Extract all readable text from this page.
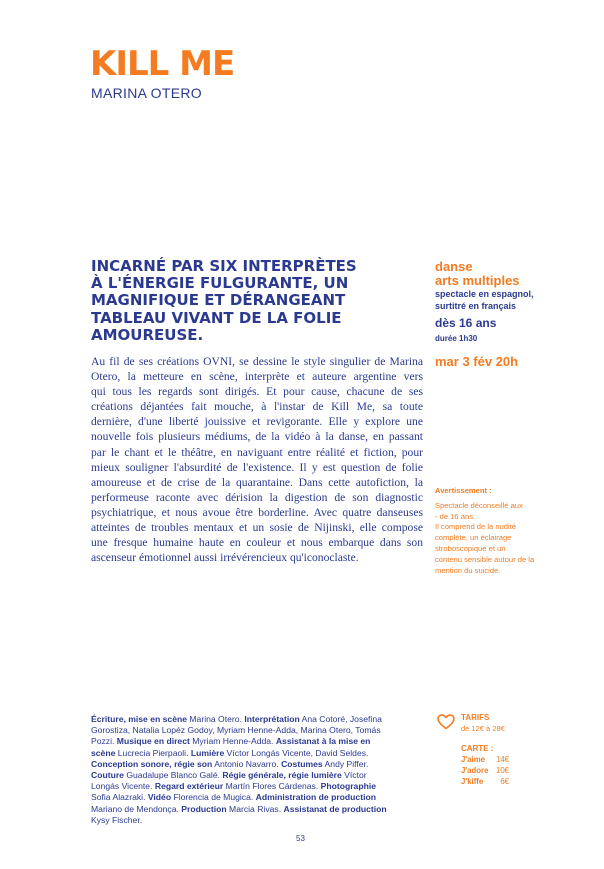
KILL ME
MARINA OTERO
INCARNÉ PAR SIX INTERPRÈTES
À L'ÉNERGIE FULGURANTE, UN
MAGNIFIQUE ET DÉRANGEANT
TABLEAU VIVANT DE LA FOLIE
AMOUREUSE.
Au fil de ses créations OVNI, se dessine le style singulier de Marina
Otero, la metteure en scène, interprète et auteure argentine vers
qui tous les regards sont dirigés. Et pour cause, chacune de ses
créations déjantées fait mouche, à l'instar de Kill Me, sa toute
dernière, d'une liberté jouissive et revigorante. Elle y explore une
nouvelle fois plusieurs médiums, de la vidéo à la danse, en passant
par le chant et le théâtre, en naviguant entre réalité et fiction, pour
mieux souligner l'absurdité de l'existence. Il y est question de folie
amoureuse et de crise de la quarantaine. Dans cette autofiction, la
performeuse raconte avec dérision la digestion de son diagnostic
psychiatrique, et nous avoue être borderline. Avec quatre danseuses
atteintes de troubles mentaux et un sosie de Nijinski, elle compose
une fresque humaine haute en couleur et nous embarque dans son
ascenseur émotionnel aussi irrévérencieux qu'iconoclaste.
danse
arts multiples
spectacle en espagnol,
surtitré en français
dès 16 ans
durée 1h30
mar 3 fév 20h
Avertissement :
Spectacle déconseillé aux
- de 16 ans.
Il comprend de la nudité
complète, un éclairage
stroboscopique et un
contenu sensible autour de la
mention du suicide.
Écriture, mise en scène Marina Otero. Interprétation Ana Cotoré, Josefina
Gorostiza, Natalia Lopéz Godoy, Myriam Henne-Adda, Marina Otero, Tomás
Pozzi. Musique en direct Myriam Henne-Adda. Assistanat à la mise en
scène Lucrecia Pierpaoli. Lumière Víctor Longás Vicente, David Seldes.
Conception sonore, régie son Antonio Navarro. Costumes Andy Piffer.
Couture Guadalupe Blanco Galé. Régie générale, régie lumière Víctor
Longás Vicente. Regard extérieur Martín Flores Cárdenas. Photographie
Sofia Alazraki. Vidéo Florencia de Mugica. Administration de production
Mariano de Mendonça. Production Marcia Rivas. Assistanat de production
Kysy Fischer.
TARIFS
de 12€ à 28€
CARTE :
J'aime 14€
J'adore 10€
J'kiffe 6€
53
